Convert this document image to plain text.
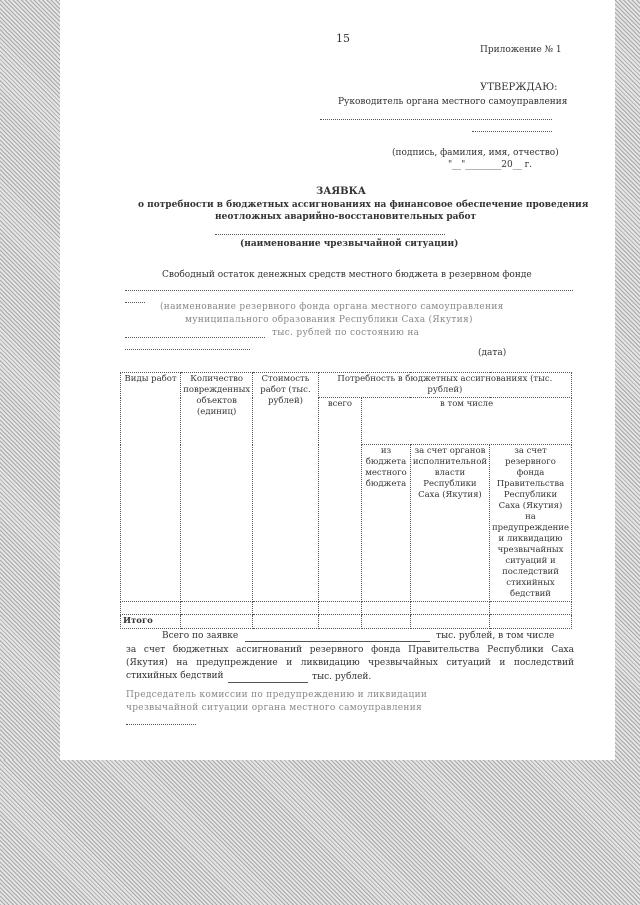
15
Приложение № 1
УТВЕРЖДАЮ:
Руководитель органа местного самоуправления
(подпись, фамилия, имя, отчество)
"__"________20__ г.
ЗАЯВКА
о потребности в бюджетных ассигнованиях на финансовое обеспечение проведения
неотложных аварийно-восстановительных работ
(наименование чрезвычайной ситуации)
Свободный остаток денежных средств местного бюджета в резервном фонде
(наименование резервного фонда органа местного самоуправления
муниципального образования Республики Саха (Якутия)
тыс. рублей по состоянию на
(дата)
Виды работ	Количество поврежденных объектов (единиц)	Стоимость работ (тыс. рублей)	Потребность в бюджетных ассигнованиях (тыс. рублей)			
			всего	в том числе		
				из бюджета местного бюджета	за счет органов исполнительной власти Республики Саха (Якутия)	за счет резервного фонда Правительства Республики Саха (Якутия) на предупреждение и ликвидацию чрезвычайных ситуаций и последствий стихийных бедствий

Итого						
Всего по заявке	тыс. рублей, в том числе
за счет бюджетных ассигнований резервного фонда Правительства Республики Саха (Якутия) на предупреждение и ликвидацию чрезвычайных ситуаций и последствий стихийных бедствий	тыс. рублей.
Председатель комиссии по предупреждению и ликвидации
чрезвычайной ситуации органа местного самоуправления
